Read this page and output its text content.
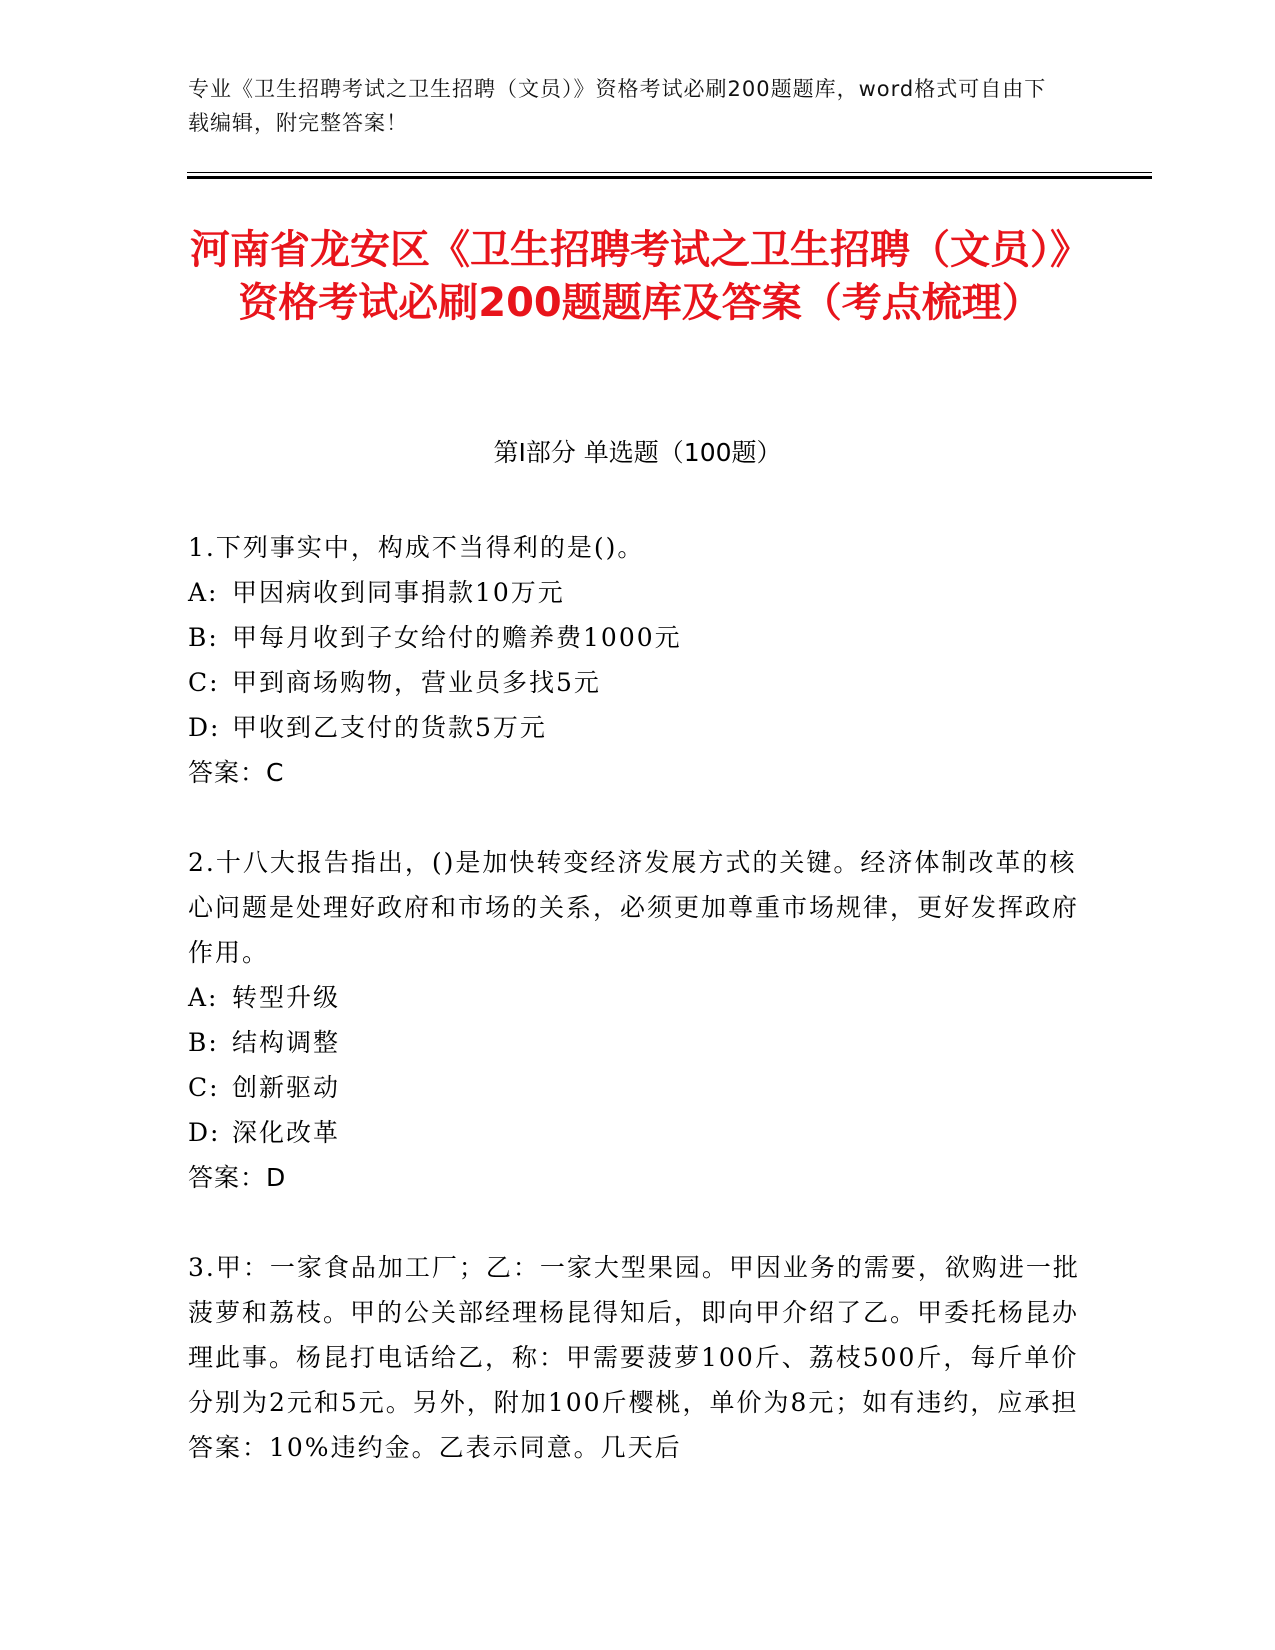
专业《卫生招聘考试之卫生招聘（文员）》资格考试必刷200题题库，word格式可自由下载编辑，附完整答案！
河南省龙安区《卫生招聘考试之卫生招聘（文员）》资格考试必刷200题题库及答案（考点梳理）
第Ⅰ部分 单选题（100题）

1.下列事实中，构成不当得利的是()。

A: 甲因病收到同事捐款10万元

B: 甲每月收到子女给付的赡养费1000元

C: 甲到商场购物，营业员多找5元

D: 甲收到乙支付的货款5万元

答案：C

2.十八大报告指出，()是加快转变经济发展方式的关键。经济体制改革的核心问题是处理好政府和市场的关系，必须更加尊重市场规律，更好发挥政府作用。

A: 转型升级

B: 结构调整

C: 创新驱动

D: 深化改革

答案：D

3.甲：一家食品加工厂；乙：一家大型果园。甲因业务的需要，欲购进一批菠萝和荔枝。甲的公关部经理杨昆得知后，即向甲介绍了乙。甲委托杨昆办理此事。杨昆打电话给乙，称：甲需要菠萝100斤、荔枝500斤，每斤单价分别为2元和5元。另外，附加100斤樱桃，单价为8元；如有违约，应承担答案：10%违约金。乙表示同意。几天后
